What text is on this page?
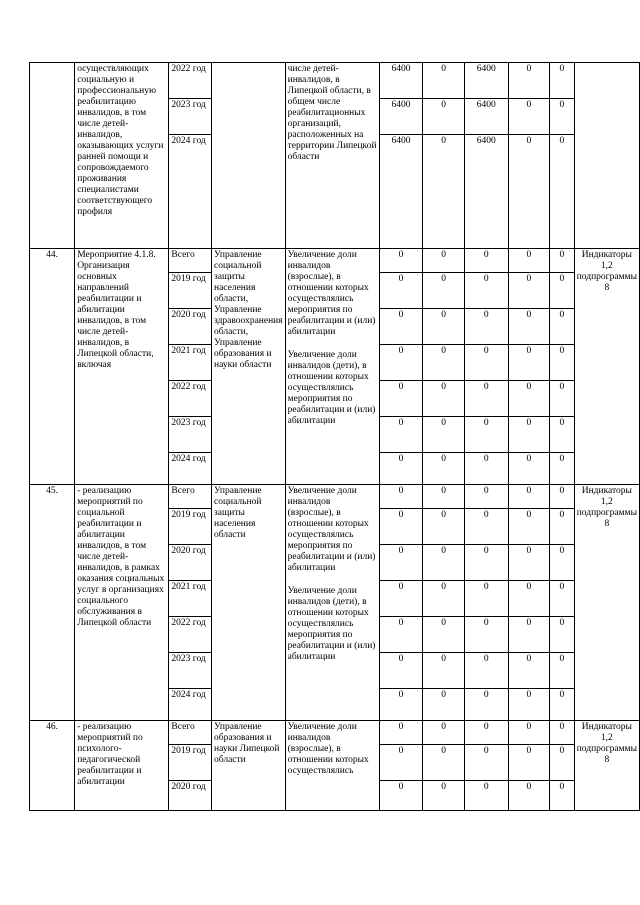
	осуществляющих социальную и профессиональную реабилитацию инвалидов, в том числе детей-инвалидов, оказывающих услуги ранней помощи и сопровождаемого проживания специалистами соответствующего профиля	2022 год		числе детей-инвалидов, в Липецкой области, в общем числе реабилитационных организаций, расположенных на территории Липецкой области	6400	0	6400	0	0	
		2023 год			6400	0	6400	0	0	
		2024 год			6400	0	6400	0	0	
44.	Мероприятие 4.1.8. Организация основных направлений реабилитации и абилитации инвалидов, в том числе детей-инвалидов, в Липецкой области, включая	Всего	Управление социальной защиты населения области, Управление здравоохранения области, Управление образования и науки области	Увеличение доли инвалидов (взрослые), в отношении которых осуществлялись мероприятия по реабилитации и (или) абилитации
Увеличение доли инвалидов (дети), в отношении которых осуществлялись мероприятия по реабилитации и (или) абилитации	0	0	0	0	0	Индикаторы 1,2 подпрограммы 8
		2019 год			0	0	0	0	0	
		2020 год			0	0	0	0	0	
		2021 год			0	0	0	0	0	
		2022 год			0	0	0	0	0	
		2023 год			0	0	0	0	0	
		2024 год			0	0	0	0	0	
45.	- реализацию мероприятий по социальной реабилитации и абилитации инвалидов, в том числе детей-инвалидов, в рамках оказания социальных услуг в организациях социального обслуживания в Липецкой области	Всего	Управление социальной защиты населения области	Увеличение доли инвалидов (взрослые), в отношении которых осуществлялись мероприятия по реабилитации и (или) абилитации
Увеличение доли инвалидов (дети), в отношении которых осуществлялись мероприятия по реабилитации и (или) абилитации	0	0	0	0	0	Индикаторы 1,2 подпрограммы 8
		2019 год			0	0	0	0	0	
		2020 год			0	0	0	0	0	
		2021 год			0	0	0	0	0	
		2022 год			0	0	0	0	0	
		2023 год			0	0	0	0	0	
		2024 год			0	0	0	0	0	
46.	- реализацию мероприятий по психолого-педагогической реабилитации и абилитации	Всего	Управление образования и науки Липецкой области	Увеличение доли инвалидов (взрослые), в отношении которых осуществлялись	0	0	0	0	0	Индикаторы 1,2 подпрограммы 8
		2019 год			0	0	0	0	0	
		2020 год			0	0	0	0	0	
